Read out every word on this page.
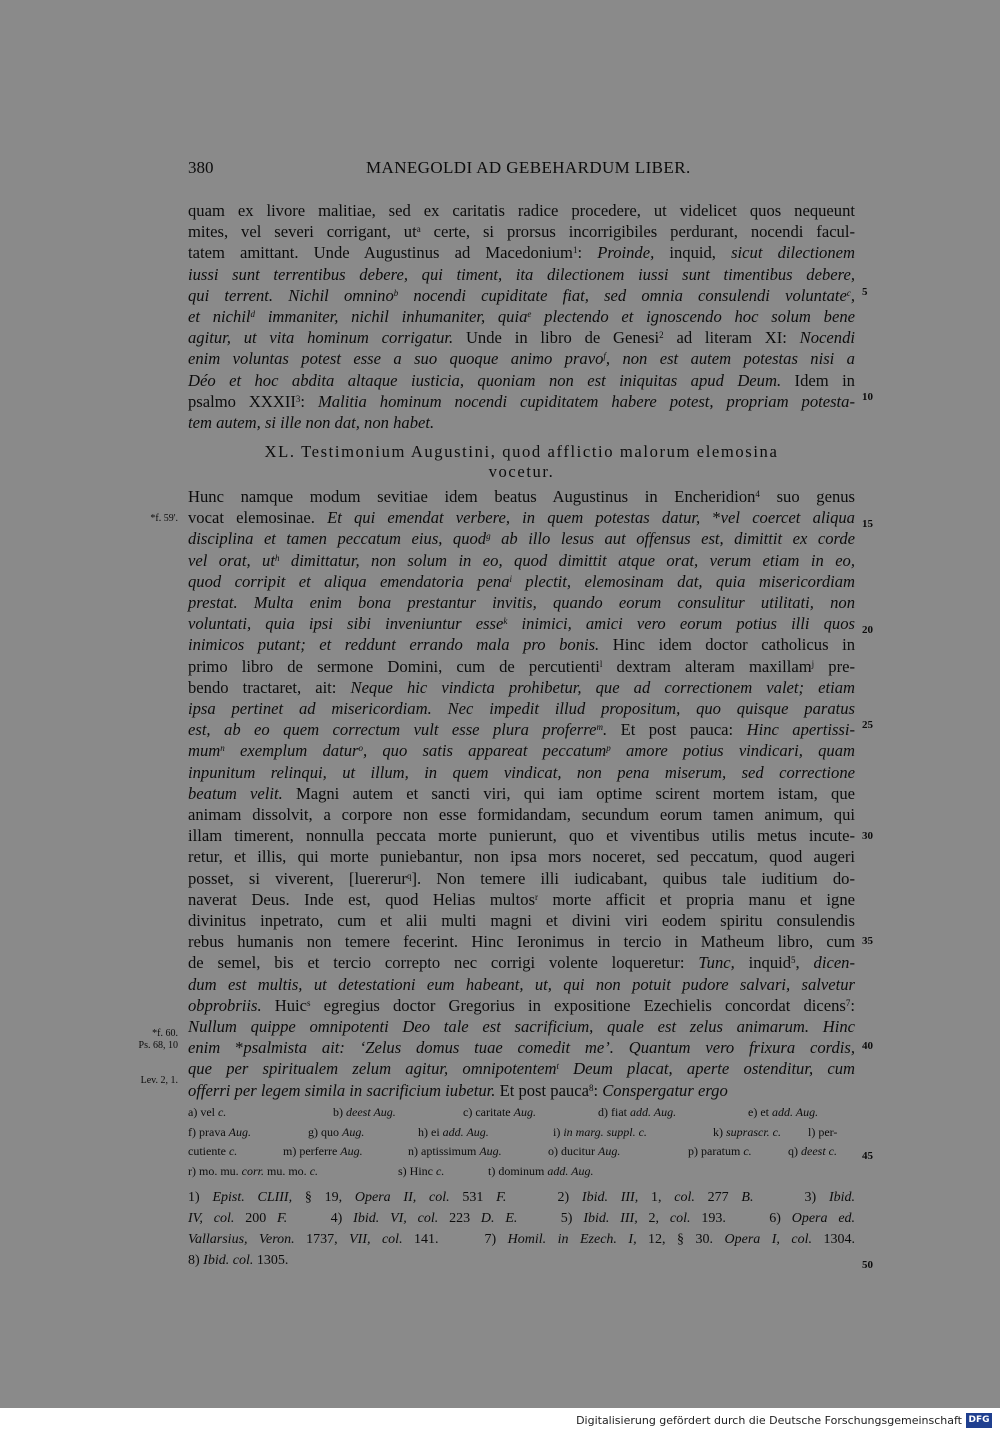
380	MANEGOLDI AD GEBEHARDUM LIBER.
quam ex livore malitiae, sed ex caritatis radice procedere, ut videlicet quos nequeunt
mites, vel severi corrigant, $ut^a$ certe, si prorsus incorrigibiles perdurant, nocendi facul-
tatem amittant. Unde Augustinus ad Macedonium$^1$: Proinde, inquid, sicut dilectionem
iussi sunt terrentibus debere, qui timent, ita dilectionem iussi sunt timentibus debere,
qui terrent. Nichil omnino$^b$ nocendi cupiditate fiat, sed omnia consulendi voluntate$^c$,
et nichil$^d$ immaniter, nichil inhumaniter, quia$^e$ plectendo et ignoscendo hoc solum bene
agitur, ut vita hominum corrigatur. Unde in libro de Genesi$^2$ ad literam XI: Nocendi
enim voluntas potest esse a suo quoque animo pravo$^f$, non est autem potestas nisi a
Déo et hoc abdita altaque iusticia, quoniam non est iniquitas apud Deum. Idem in
psalmo XXXII$^3$: Malitia hominum nocendi cupiditatem habere potest, propriam potesta-
tem autem, si ille non dat, non habet.
XL. Testimonium Augustini, quod afflictio malorum elemosina
vocetur.
Hunc namque modum sevitiae idem beatus Augustinus in Encheridion$^4$ suo genus
vocat elemosinae. Et qui emendat verbere, in quem potestas datur, *vel coercet aliqua
disciplina et tamen peccatum eius, quod$^g$ ab illo lesus aut offensus est, dimittit ex corde
vel orat, $ut^h$ dimittatur, non solum in eo, quod dimittit atque orat, verum etiam in eo,
quod corripit et aliqua emendatoria pena$^i$ plectit, elemosinam dat, quia misericordiam
prestat. Multa enim bona prestantur invitis, quando eorum consulitur utilitati, non
voluntati, quia ipsi sibi inveniuntur esse$^k$ inimici, amici vero eorum potius illi quos
inimicos putant; et reddunt errando mala pro bonis. Hinc idem doctor catholicus in
primo libro de sermone Domini, cum de percutienti$^l$ dextram alteram maxillam$^j$ pre-
bendo tractaret, ait: Neque hic vindicta prohibetur, que ad correctionem valet; etiam
ipsa pertinet ad misericordiam. Nec impedit illud propositum, quo quisque paratus
est, ab eo quem correctum vult esse plura proferre$^m$. Et post pauca: Hinc apertissi-
mum$^n$ exemplum datur$^o$, quo satis appareat peccatum$^p$ amore potius vindicari, quam
inpunitum relinqui, ut illum, in quem vindicat, non pena miserum, sed correctione
beatum velit. Magni autem et sancti viri, qui iam optime scirent mortem istam, que
animam dissolvit, a corpore non esse formidandam, secundum eorum tamen animum, qui
illam timerent, nonnulla peccata morte punierunt, quo et viventibus utilis metus incute-
retur, et illis, qui morte puniebantur, non ipsa mors noceret, sed peccatum, quod augeri
posset, si viverent, [luererur$^q$]. Non temere illi iudicabant, quibus tale iuditium do-
naverat Deus. Inde est, quod Helias multos$^r$ morte afficit et propria manu et igne
divinitus inpetrato, cum et alii multi magni et divini viri eodem spiritu consulendis
rebus humanis non temere fecerint. Hinc Ieronimus in tercio in Matheum libro, cum
de semel, bis et tercio correpto nec corrigi volente loqueretur: Tunc, inquid$^5$, dicen-
dum est multis, ut detestationi eum habeant, ut, qui non potuit pudore salvari, salvetur
obprobriis. Huic$^s$ egregius doctor Gregorius in expositione Ezechielis concordat dicens$^7$:
Nullum quippe omnipotenti Deo tale est sacrificium, quale est zelus animarum. Hinc
enim *psalmista ait: ‘Zelus domus tuae comedit me’. Quantum vero frixura cordis,
que per spiritualem zelum agitur, omnipotentem$^t$ Deum placat, aperte ostenditur, cum
offerri per legem simila in sacrificium iubetur. Et post pauca$^8$: Conspergatur ergo
5
10
15
20
25
30
35
40
45
50
*f. 59'.
*f. 60.
Ps. 68, 10
Lev. 2, 1.
a) vel c.	b) deest Aug.	c) caritate Aug.	d) fiat add. Aug.	e) et add. Aug.
f) prava Aug.	g) quo Aug.	h) ei add. Aug.	i) in marg. suppl. c.	k) suprascr. c. l) per-
cutiente c.	m) perferre Aug.	n) aptissimum Aug.	o) ducitur Aug.	p) paratum c.	q) deest c.
r) mo. mu. corr. mu. mo. c.	s) Hinc c.	t) dominum add. Aug.
1) Epist. CLIII, § 19, Opera II, col. 531 F.    2) Ibid. III, 1, col. 277 B.    3) Ibid.
IV, col. 200 F.    4) Ibid. VI, col. 223 D. E.    5) Ibid. III, 2, col. 193.    6) Opera ed.
Vallarsius, Veron. 1737, VII, col. 141.    7) Homil. in Ezech. I, 12, § 30. Opera I, col. 1304.
8) Ibid. col. 1305.
Digitalisierung gefördert durch die Deutsche Forschungsgemeinschaft DFG
